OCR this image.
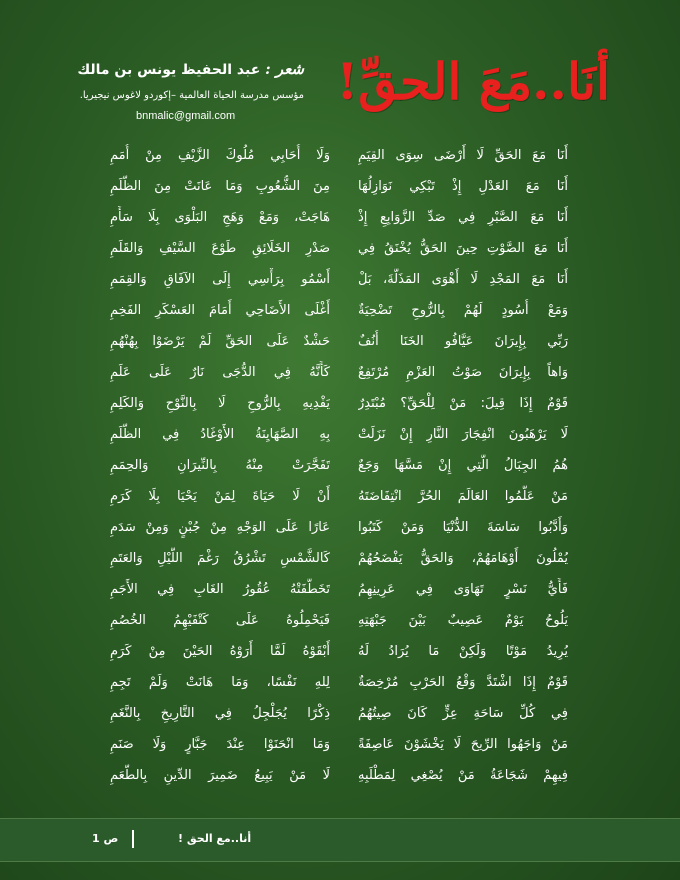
أنَا..مَعَ الحقِّ!
شعر : عبد الحفيظ يونس بن مالك
مؤسس مدرسة الحياة العالمية –إكوردو لاغوس نيجيريا.
bnmalic@gmail.com
أَنَا مَعَ الحَقِّ لَا أَرْضَى سِوَى القِيَمِ
وَلَا أُحَابِي مُلُوكَ الزَّيْفِ مِنْ أُمَمِ
أَنَا مَعَ العَدْلِ إِذْ تَبْكِي نَوَازِلُهَا
مِنَ الشُّعُوبِ وَمَا عَانَتْ مِنَ الظُّلَمِ
أَنَا مَعَ الصَّبْرِ فِي صَدِّ الزَّوَابِعِ إِذْ
هَاجَتْ، وَمَعْ وَهَجِ البَلْوَى بِلَا سَأَمِ
أَنَا مَعَ الصَّوْتِ حِينَ الحَقُّ يُخْنَقُ فِي
صَدْرِ الخَلَائِقِ طَوْعَ السَّيْفِ وَالقَلَمِ
أَنَا مَعَ المَجْدِ لَا أَهْوَى المَذَلَّةَ، بَلْ
أَسْمُو بِرَأْسِي إِلَى الآفَاقِ وَالقِمَمِ
وَمَعْ أُسُودٍ لَهُمْ بِالرُّوحِ تَضْحِيَةٌ
أَغْلَى الأَضَاحِي أَمَامَ العَسْكَرِ الفَخِمِ
رَبِّي بِإِيرَانَ عَيَّافُو الخَنَا أُنُفٌ
حَشْدٌ عَلَى الحَقِّ لَمْ يَرْضَوْا بِهُنْهُمِ
وَاهاً بِإِيرَانَ صَوْتُ العَزْمِ مُرْتَفِعٌ
كَأَنَّهُ فِي الدُّجَى نَارٌ عَلَى عَلَمِ
قَوْمٌ إِذَا قِيلَ: مَنْ لِلْحَقِّ؟ مُبْتَدِرٌ
يَفْدِيهِ بِالرُّوحِ لَا بِالنَّوْحِ وَالكَلِمِ
لَا يَرْهَبُونَ انْفِجَارَ النَّارِ إِنْ نَزَلَتْ
بِهِ الصَّهَايِنَةُ الأَوْغَادُ فِي الظُّلَمِ
هُمُ الجِبَالُ الَّتِي إِنْ مَسَّهَا وَجَعٌ
تَفَجَّرَتْ مِنْهُ بِالنِّيرَانِ وَالحِمَمِ
مَنْ عَلَّمُوا العَالَمَ الحُرَّ انْتِفَاضَتَهُ
أَنْ لَا حَيَاةَ لِمَنْ يَحْيَا بِلَا كَرَمِ
وَأَدَّبُوا سَاسَةَ الدُّنْيَا وَمَنْ كَتَبُوا
عَارًا عَلَى الوَجْهِ مِنْ جُبْنٍ وَمِنْ سَدَمِ
يُمْلُونَ أَوْهَامَهُمْ، وَالحَقُّ يَفْضَحُهُمْ
كَالشَّمْسِ تَشْرُقُ رَغْمَ اللَّيْلِ وَالعَتَمِ
فَأَيُّ نَسْرٍ تَهَاوَى فِي عَرِينِهِمُ
تَخَطَّفَتْهُ عُقُورُ الغَابِ فِي الأَجَمِ
يَلُوحُ يَوْمٌ عَصِيبٌ بَيْنَ جَبْهَتِهِ
فَيَحْمِلُوهُ عَلَى كَتْفَيْهِمُ الخُصُمِ
يُرِيدُ مَوْتًا وَلَكِنْ مَا يُرَادُ لَهُ
أَبْقَوْهُ لَمَّا أَرَوْهُ الحَيْنَ مِنْ كَرَمِ
قَوْمٌ إِذَا اشْتَدَّ وَقْعُ الحَرْبِ مُرْخِصَةٌ
لِلهِ نَفْسًا، وَمَا هَانَتْ وَلَمْ تَجِمِ
فِي كُلِّ سَاحَةِ عِزٍّ كَانَ صِيتُهُمُ
ذِكْرًا يُجَلْجِلُ فِي التَّارِيخِ بِالنَّغَمِ
مَنْ وَاجَهُوا الرِّيحَ لَا يَخْشَوْنَ عَاصِفَةً
وَمَا انْحَنَوْا عِنْدَ جَبَّارٍ وَلَا صَنَمِ
فِيهِمْ شَجَاعَةُ مَنْ يُصْغِي لِمَطْلَبِهِ
لَا مَنْ يَبِيعُ ضَمِيرَ الدِّينِ بِالطُّعَمِ
أنا..مع الحق !
ص 1
